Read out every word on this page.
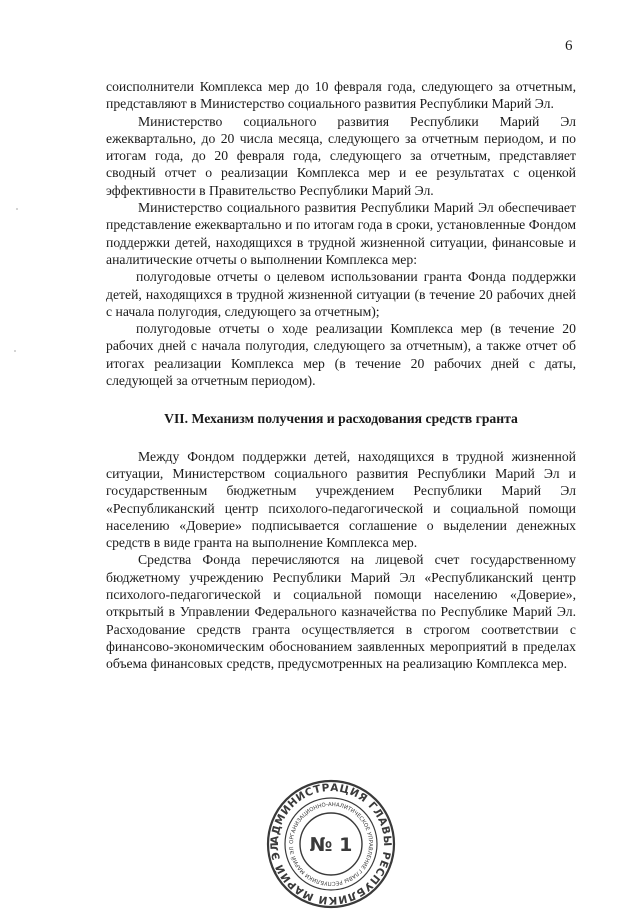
6

соисполнители Комплекса мер до 10 февраля года, следующего за отчетным, представляют в Министерство социального развития Республики Марий Эл.

Министерство социального развития Республики Марий Эл ежеквартально, до 20 числа месяца, следующего за отчетным периодом, и по итогам года, до 20 февраля года, следующего за отчетным, представляет сводный отчет о реализации Комплекса мер и ее результатах с оценкой эффективности в Правительство Республики Марий Эл.

Министерство социального развития Республики Марий Эл обеспечивает представление ежеквартально и по итогам года в сроки, установленные Фондом поддержки детей, находящихся в трудной жизненной ситуации, финансовые и аналитические отчеты о выполнении Комплекса мер:

полугодовые отчеты о целевом использовании гранта Фонда поддержки детей, находящихся в трудной жизненной ситуации (в течение 20 рабочих дней с начала полугодия, следующего за отчетным);

полугодовые отчеты о ходе реализации Комплекса мер (в течение 20 рабочих дней с начала полугодия, следующего за отчетным), а также отчет об итогах реализации Комплекса мер (в течение 20 рабочих дней с даты, следующей за отчетным периодом).

VII. Механизм получения и расходования средств гранта

Между Фондом поддержки детей, находящихся в трудной жизненной ситуации, Министерством социального развития Республики Марий Эл и государственным бюджетным учреждением Республики Марий Эл «Республиканский центр психолого-педагогической и социальной помощи населению «Доверие» подписывается соглашение о выделении денежных средств в виде гранта на выполнение Комплекса мер.

Средства Фонда перечисляются на лицевой счет государственному бюджетному учреждению Республики Марий Эл «Республиканский центр психолого-педагогической и социальной помощи населению «Доверие», открытый в Управлении Федерального казначейства по Республике Марий Эл. Расходование средств гранта осуществляется в строгом соответствии с финансово-экономическим обоснованием заявленных мероприятий в пределах объема финансовых средств, предусмотренных на реализацию Комплекса мер.

АДМИНИСТРАЦИЯ ГЛАВЫ РЕСПУБЛИКИ МАРИЙ ЭЛ	ОРГАНИЗАЦИОННО-АНАЛИТИЧЕСКОЕ УПРАВЛЕНИЕ ГЛАВЫ РЕСПУБЛИКИ МАРИЙ ЭЛ № 1
